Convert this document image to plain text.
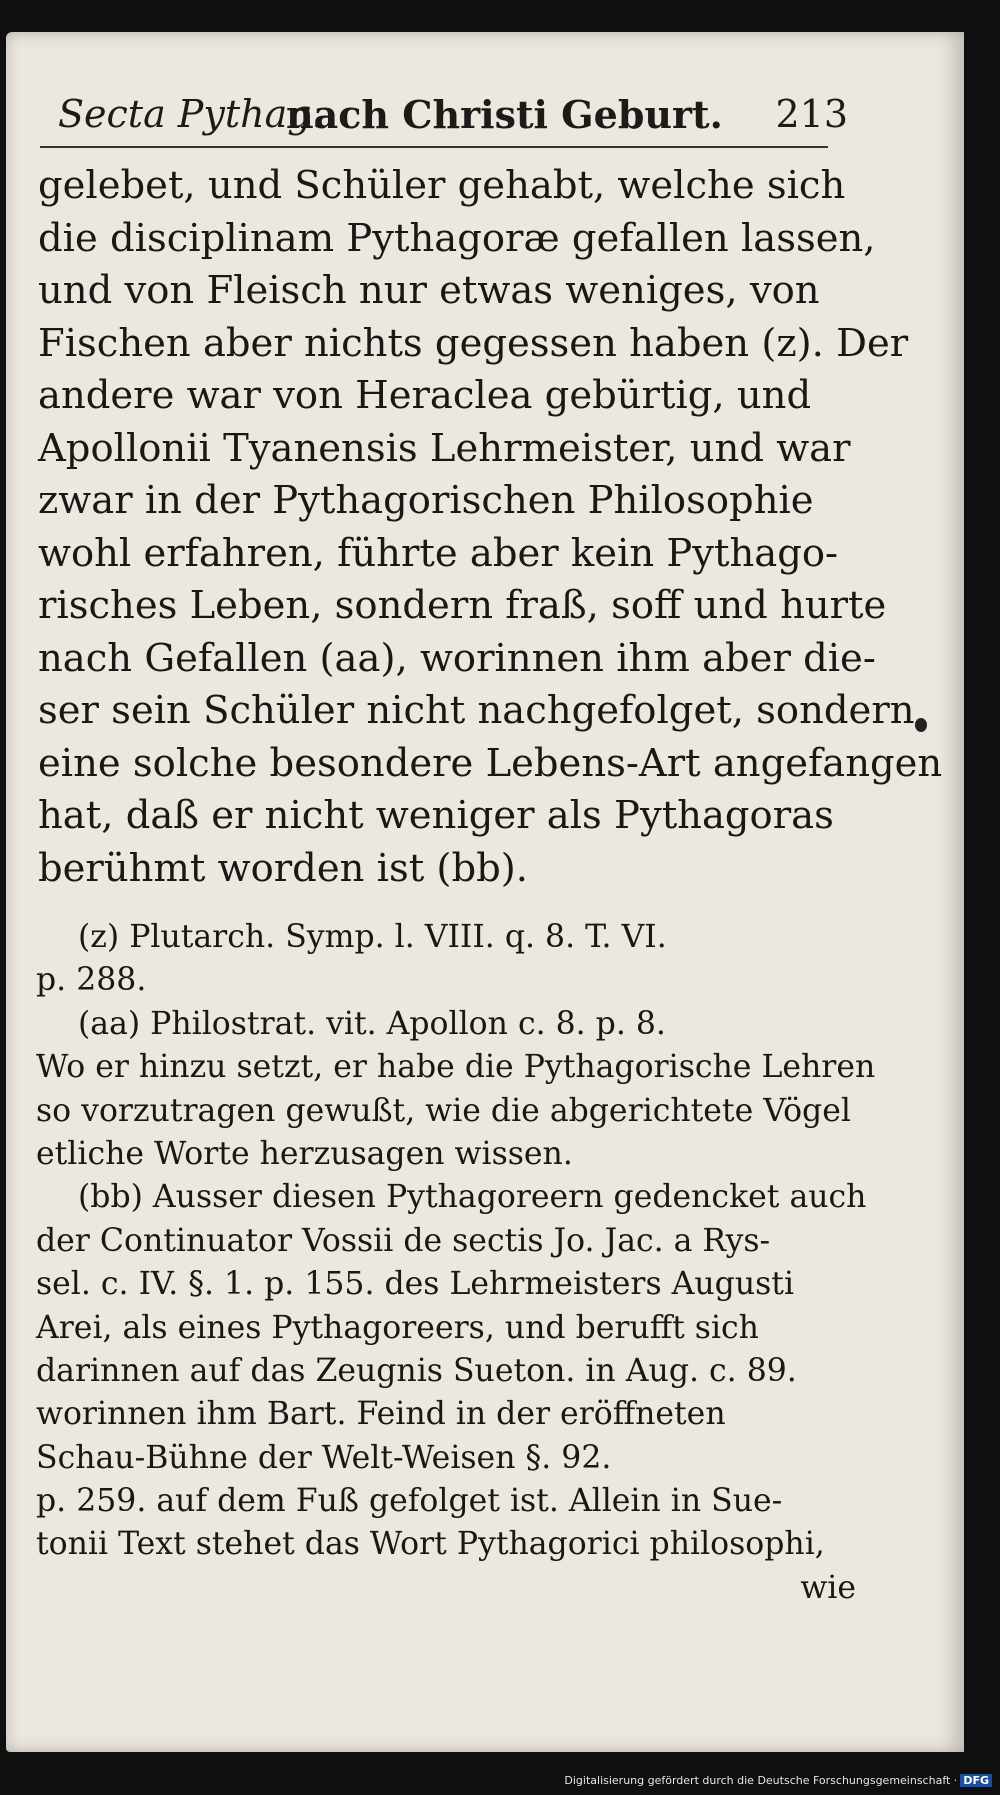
Secta Pythag.
nach Christi Geburt. 213
gelebet, und Schüler gehabt, welche sich
die disciplinam Pythagoræ gefallen lassen,
und von Fleisch nur etwas weniges, von
Fischen aber nichts gegessen haben (z). Der
andere war von Heraclea gebürtig, und
Apollonii Tyanensis Lehrmeister, und war
zwar in der Pythagorischen Philosophie
wohl erfahren, führte aber kein Pythago-
risches Leben, sondern fraß, soff und hurte
nach Gefallen (aa), worinnen ihm aber die-
ser sein Schüler nicht nachgefolget, sondern
eine solche besondere Lebens-Art angefangen
hat, daß er nicht weniger als Pythagoras
berühmt worden ist (bb).
(z) Plutarch. Symp. l. VIII. q. 8. T. VI.
p. 288.
(aa) Philostrat. vit. Apollon c. 8. p. 8.
Wo er hinzu setzt, er habe die Pythagorische Lehren
so vorzutragen gewußt, wie die abgerichtete Vögel
etliche Worte herzusagen wissen.
(bb) Ausser diesen Pythagoreern gedencket auch
der Continuator Vossii de sectis Jo. Jac. a Rys-
sel. c. IV. §. 1. p. 155. des Lehrmeisters Augusti
Arei, als eines Pythagoreers, und berufft sich
darinnen auf das Zeugnis Sueton. in Aug. c. 89.
worinnen ihm Bart. Feind in der eröffneten
Schau-Bühne der Welt-Weisen §. 92.
p. 259. auf dem Fuß gefolget ist. Allein in Sue-
tonii Text stehet das Wort Pythagorici philosophi,
wie
Digitalisierung gefördert durch die Deutsche Forschungsgemeinschaft · DFG
